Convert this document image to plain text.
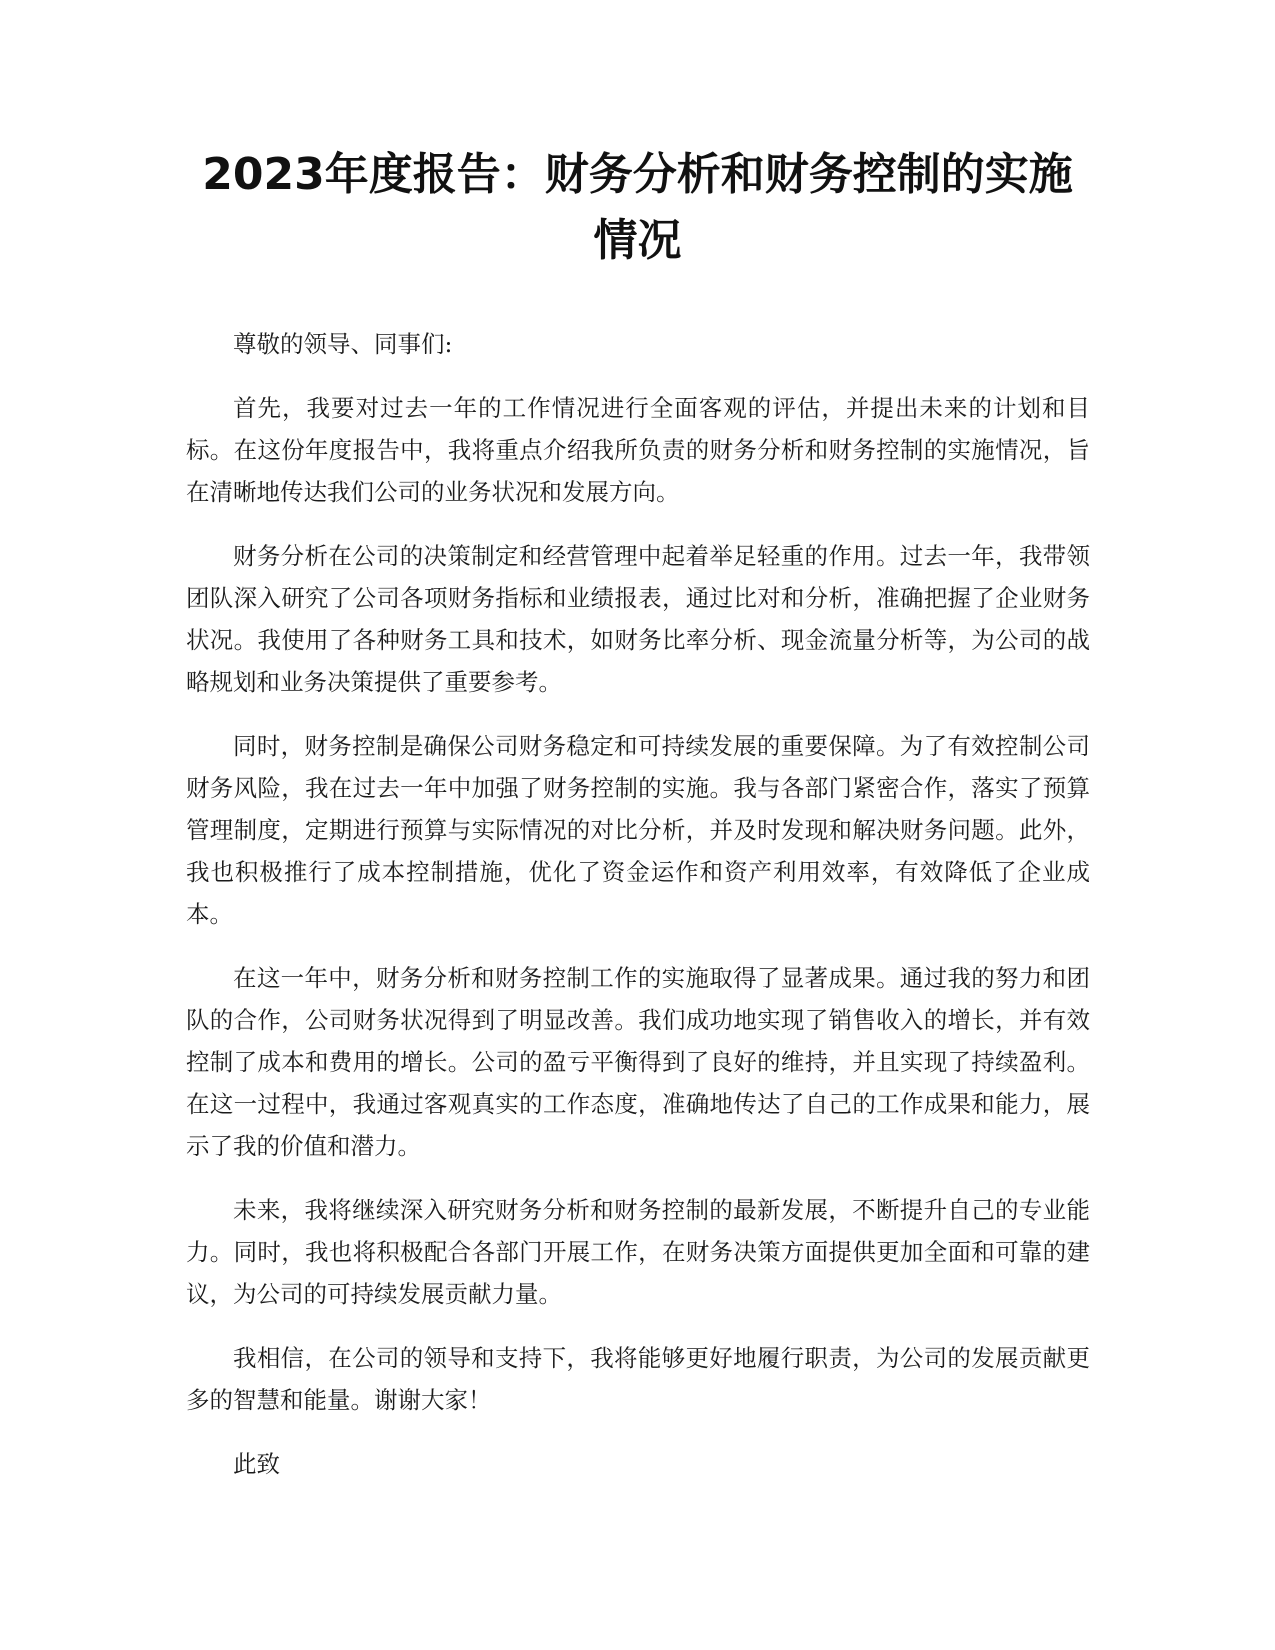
2023年度报告：财务分析和财务控制的实施情况

尊敬的领导、同事们:

首先，我要对过去一年的工作情况进行全面客观的评估，并提出未来的计划和目标。在这份年度报告中，我将重点介绍我所负责的财务分析和财务控制的实施情况，旨在清晰地传达我们公司的业务状况和发展方向。

财务分析在公司的决策制定和经营管理中起着举足轻重的作用。过去一年，我带领团队深入研究了公司各项财务指标和业绩报表，通过比对和分析，准确把握了企业财务状况。我使用了各种财务工具和技术，如财务比率分析、现金流量分析等，为公司的战略规划和业务决策提供了重要参考。

同时，财务控制是确保公司财务稳定和可持续发展的重要保障。为了有效控制公司财务风险，我在过去一年中加强了财务控制的实施。我与各部门紧密合作，落实了预算管理制度，定期进行预算与实际情况的对比分析，并及时发现和解决财务问题。此外，我也积极推行了成本控制措施，优化了资金运作和资产利用效率，有效降低了企业成本。

在这一年中，财务分析和财务控制工作的实施取得了显著成果。通过我的努力和团队的合作，公司财务状况得到了明显改善。我们成功地实现了销售收入的增长，并有效控制了成本和费用的增长。公司的盈亏平衡得到了良好的维持，并且实现了持续盈利。在这一过程中，我通过客观真实的工作态度，准确地传达了自己的工作成果和能力，展示了我的价值和潜力。

未来，我将继续深入研究财务分析和财务控制的最新发展，不断提升自己的专业能力。同时，我也将积极配合各部门开展工作，在财务决策方面提供更加全面和可靠的建议，为公司的可持续发展贡献力量。

我相信，在公司的领导和支持下，我将能够更好地履行职责，为公司的发展贡献更多的智慧和能量。谢谢大家！

此致
